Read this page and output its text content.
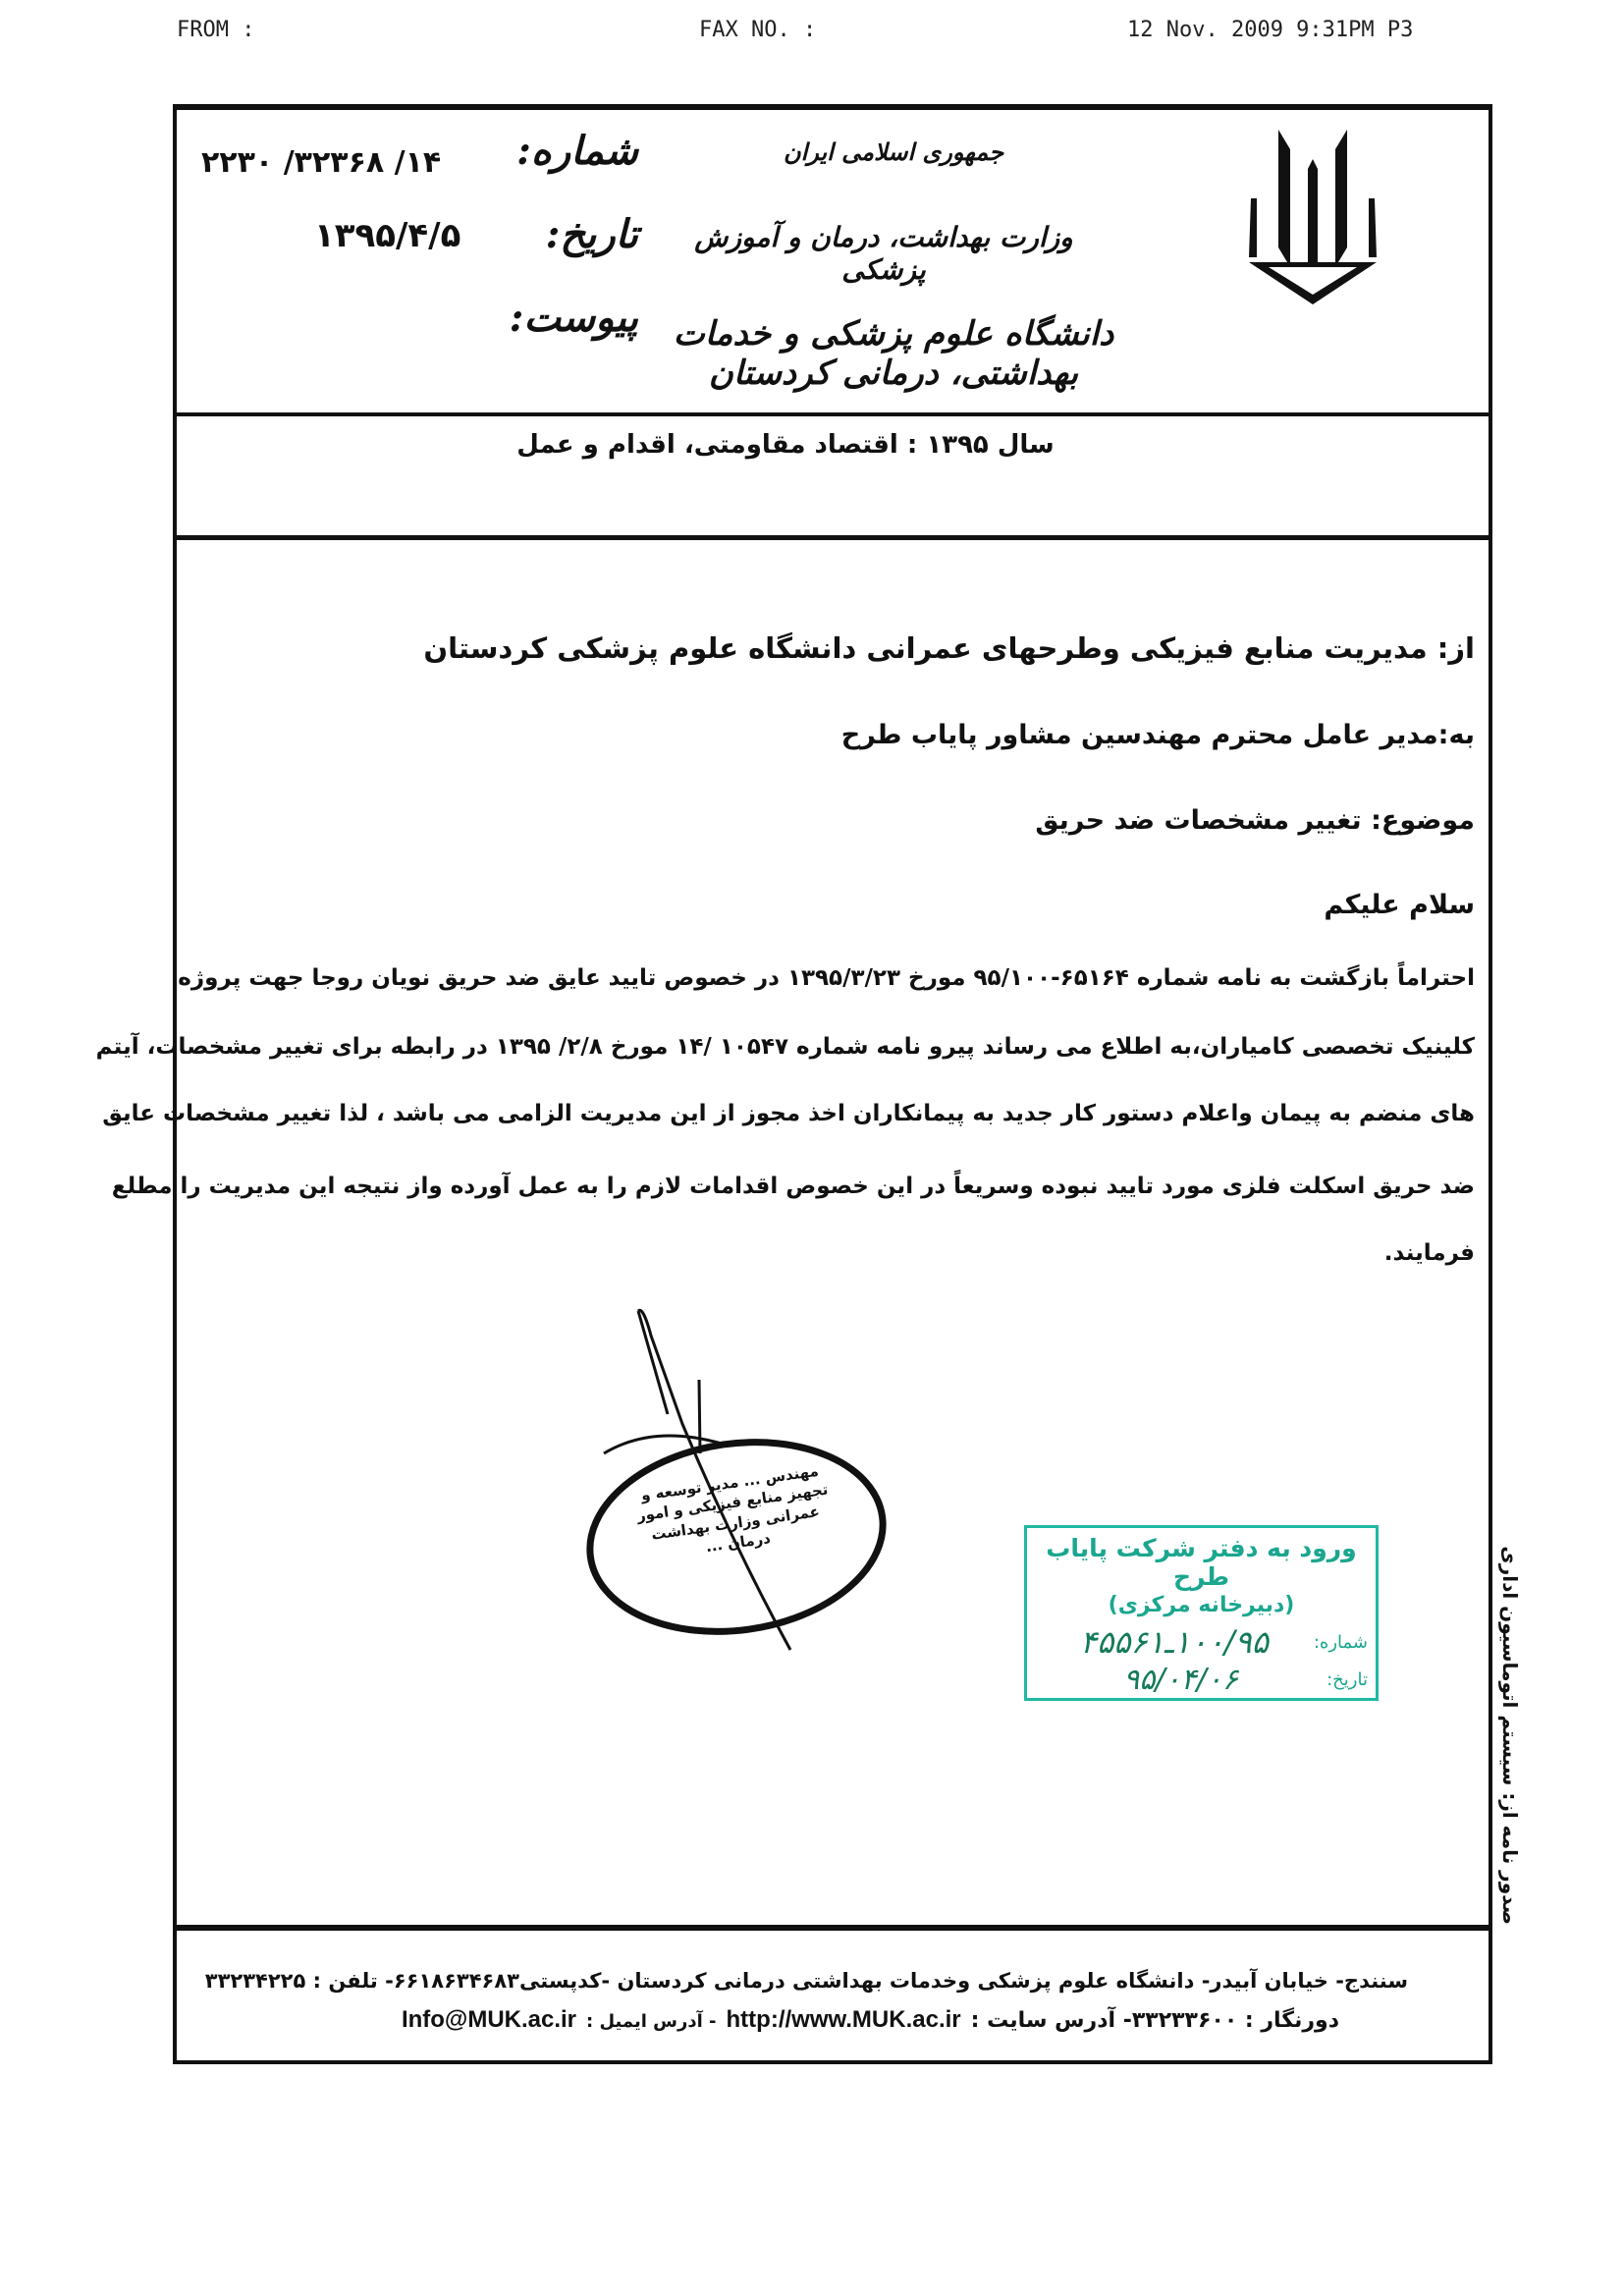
FROM :	FAX NO. :	12 Nov. 2009 9:31PM P3
جمهوری اسلامی ایران
وزارت بهداشت، درمان و آموزش پزشکی
دانشگاه علوم پزشکی و خدمات بهداشتی، درمانی کردستان
شماره:
۱۴/ ۳۲۳۶۸/ ۲۲۳۰
تاریخ:
۱۳۹۵/۴/۵
پیوست:
سال ۱۳۹۵ : اقتصاد مقاومتی، اقدام و عمل
از: مدیریت منابع فیزیکی وطرحهای عمرانی دانشگاه علوم پزشکی کردستان
به:مدیر عامل محترم مهندسین مشاور پایاب طرح
موضوع: تغییر مشخصات ضد حریق
سلام علیکم
احتراماً بازگشت به نامه شماره ۶۵۱۶۴-۹۵/۱۰۰ مورخ ۱۳۹۵/۳/۲۳ در خصوص تایید عایق ضد حریق نویان روجا جهت پروژه
کلینیک تخصصی کامیاران،به اطلاع می رساند پیرو نامه شماره ۱۰۵۴۷ /۱۴ مورخ ۲/۸/ ۱۳۹۵ در رابطه برای تغییر مشخصات، آیتم
های منضم به پیمان واعلام دستور کار جدید به پیمانکاران اخذ مجوز از این مدیریت الزامی می باشد ، لذا تغییر مشخصات عایق
ضد حریق اسکلت فلزی مورد تایید نبوده وسریعاً در این خصوص اقدامات لازم را به عمل آورده واز نتیجه این مدیریت را مطلع
فرمایند.
مهندس ... مدیر توسعه و تجهیز منابع فیزیکی و امور عمرانی وزارت بهداشت درمان ...	ورود به دفتر شرکت پایاب طرح
(دبیرخانه مرکزی)
شماره:
۱۰۰/۹۵ـ۴۵۵۶۱
تاریخ:
۹۵/۰۴/۰۶	صدور نامه از: سیستم اتوماسیون اداری
سنندج- خیابان آبیدر- دانشگاه علوم پزشکی وخدمات بهداشتی درمانی کردستان -کدپستی۶۶۱۸۶۳۴۶۸۳- تلفن : ۳۳۲۳۴۲۲۵
دورنگار : ۳۳۲۳۳۶۰۰- آدرس سایت :
http://www.MUK.ac.ir
- آدرس ایمیل :
Info@MUK.ac.ir
